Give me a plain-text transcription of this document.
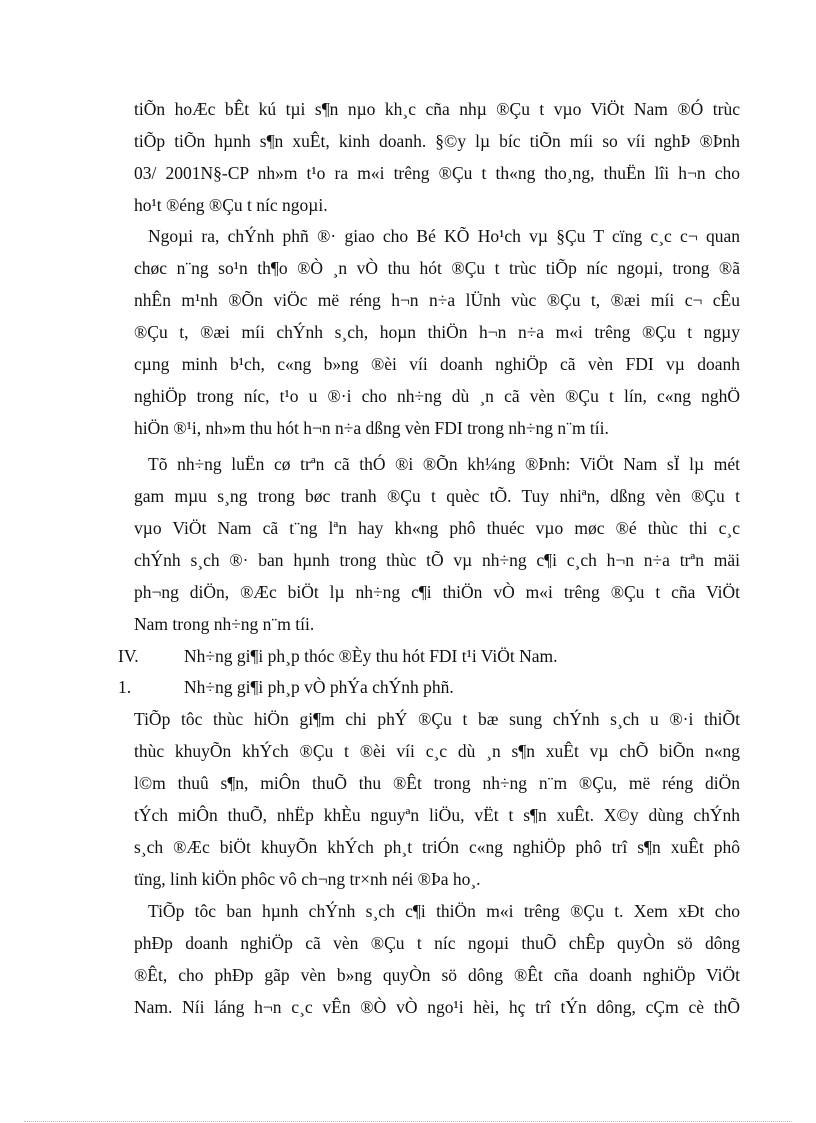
tiÕn hoÆc bÊt kú tµi s¶n nµo kh¸c cña nhµ ®Çu t vµo ViÖt Nam ®Ó trùc
tiÕp tiÕn hµnh s¶n xuÊt, kinh doanh. §©y lµ bíc tiÕn míi so víi nghÞ ®Þnh
03/ 2001N§-CP nh»m t¹o ra m«i trêng ®Çu t th«ng tho¸ng, thuËn lîi h¬n cho
ho¹t ®éng ®Çu t níc ngoµi.
Ngoµi ra, chÝnh phñ ®· giao cho Bé KÕ Ho¹ch vµ §Çu T cïng c¸c c¬ quan
chøc n¨ng so¹n th¶o ®Ò ¸n vÒ thu hót ®Çu t trùc tiÕp níc ngoµi, trong ®ã
nhÊn m¹nh ®Õn viÖc më réng h¬n n÷a lÜnh vùc ®Çu t, ®æi míi c¬ cÊu
®Çu t, ®æi míi chÝnh s¸ch, hoµn thiÖn h¬n n÷a m«i trêng ®Çu t ngµy
cµng minh b¹ch, c«ng b»ng ®èi víi doanh nghiÖp cã vèn FDI vµ doanh
nghiÖp trong níc, t¹o u ®·i cho nh÷ng dù ¸n cã vèn ®Çu t lín, c«ng nghÖ
hiÖn ®¹i, nh»m thu hót h¬n n÷a dßng vèn FDI trong nh÷ng n¨m tíi.
Tõ nh÷ng luËn cø trªn cã thÓ ®i ®Õn kh¼ng ®Þnh: ViÖt Nam sÏ lµ mét
gam mµu s¸ng trong bøc tranh ®Çu t quèc tÕ. Tuy nhiªn, dßng vèn ®Çu t
vµo ViÖt Nam cã t¨ng lªn hay kh«ng phô thuéc vµo møc ®é thùc thi c¸c
chÝnh s¸ch ®· ban hµnh trong thùc tÕ vµ nh÷ng c¶i c¸ch h¬n n÷a trªn mäi
ph¬ng diÖn, ®Æc biÖt lµ nh÷ng c¶i thiÖn vÒ m«i trêng ®Çu t cña ViÖt
Nam trong nh÷ng n¨m tíi.
IV.	Nh÷ng gi¶i ph¸p thóc ®Èy thu hót FDI t¹i ViÖt Nam.
1.	Nh÷ng gi¶i ph¸p vÒ phÝa chÝnh phñ.
TiÕp tôc thùc hiÖn gi¶m chi phÝ ®Çu t bæ sung chÝnh s¸ch u ®·i thiÕt
thùc khuyÕn khÝch ®Çu t ®èi víi c¸c dù ¸n s¶n xuÊt vµ chÕ biÕn n«ng
l©m thuû s¶n, miÔn thuÕ thu ®Êt trong nh÷ng n¨m ®Çu, më réng diÖn
tÝch miÔn thuÕ, nhËp khÈu nguyªn liÖu, vËt t s¶n xuÊt. X©y dùng chÝnh
s¸ch ®Æc biÖt khuyÕn khÝch ph¸t triÓn c«ng nghiÖp phô trî s¶n xuÊt phô
tïng, linh kiÖn phôc vô ch¬ng tr×nh néi ®Þa ho¸.
TiÕp tôc ban hµnh chÝnh s¸ch c¶i thiÖn m«i trêng ®Çu t. Xem xÐt cho
phÐp doanh nghiÖp cã vèn ®Çu t níc ngoµi thuÕ chÊp quyÒn sö dông
®Êt, cho phÐp gãp vèn b»ng quyÒn sö dông ®Êt cña doanh nghiÖp ViÖt
Nam. Níi láng h¬n c¸c vÊn ®Ò vÒ ngo¹i hèi, hç trî tÝn dông, cÇm cè thÕ
